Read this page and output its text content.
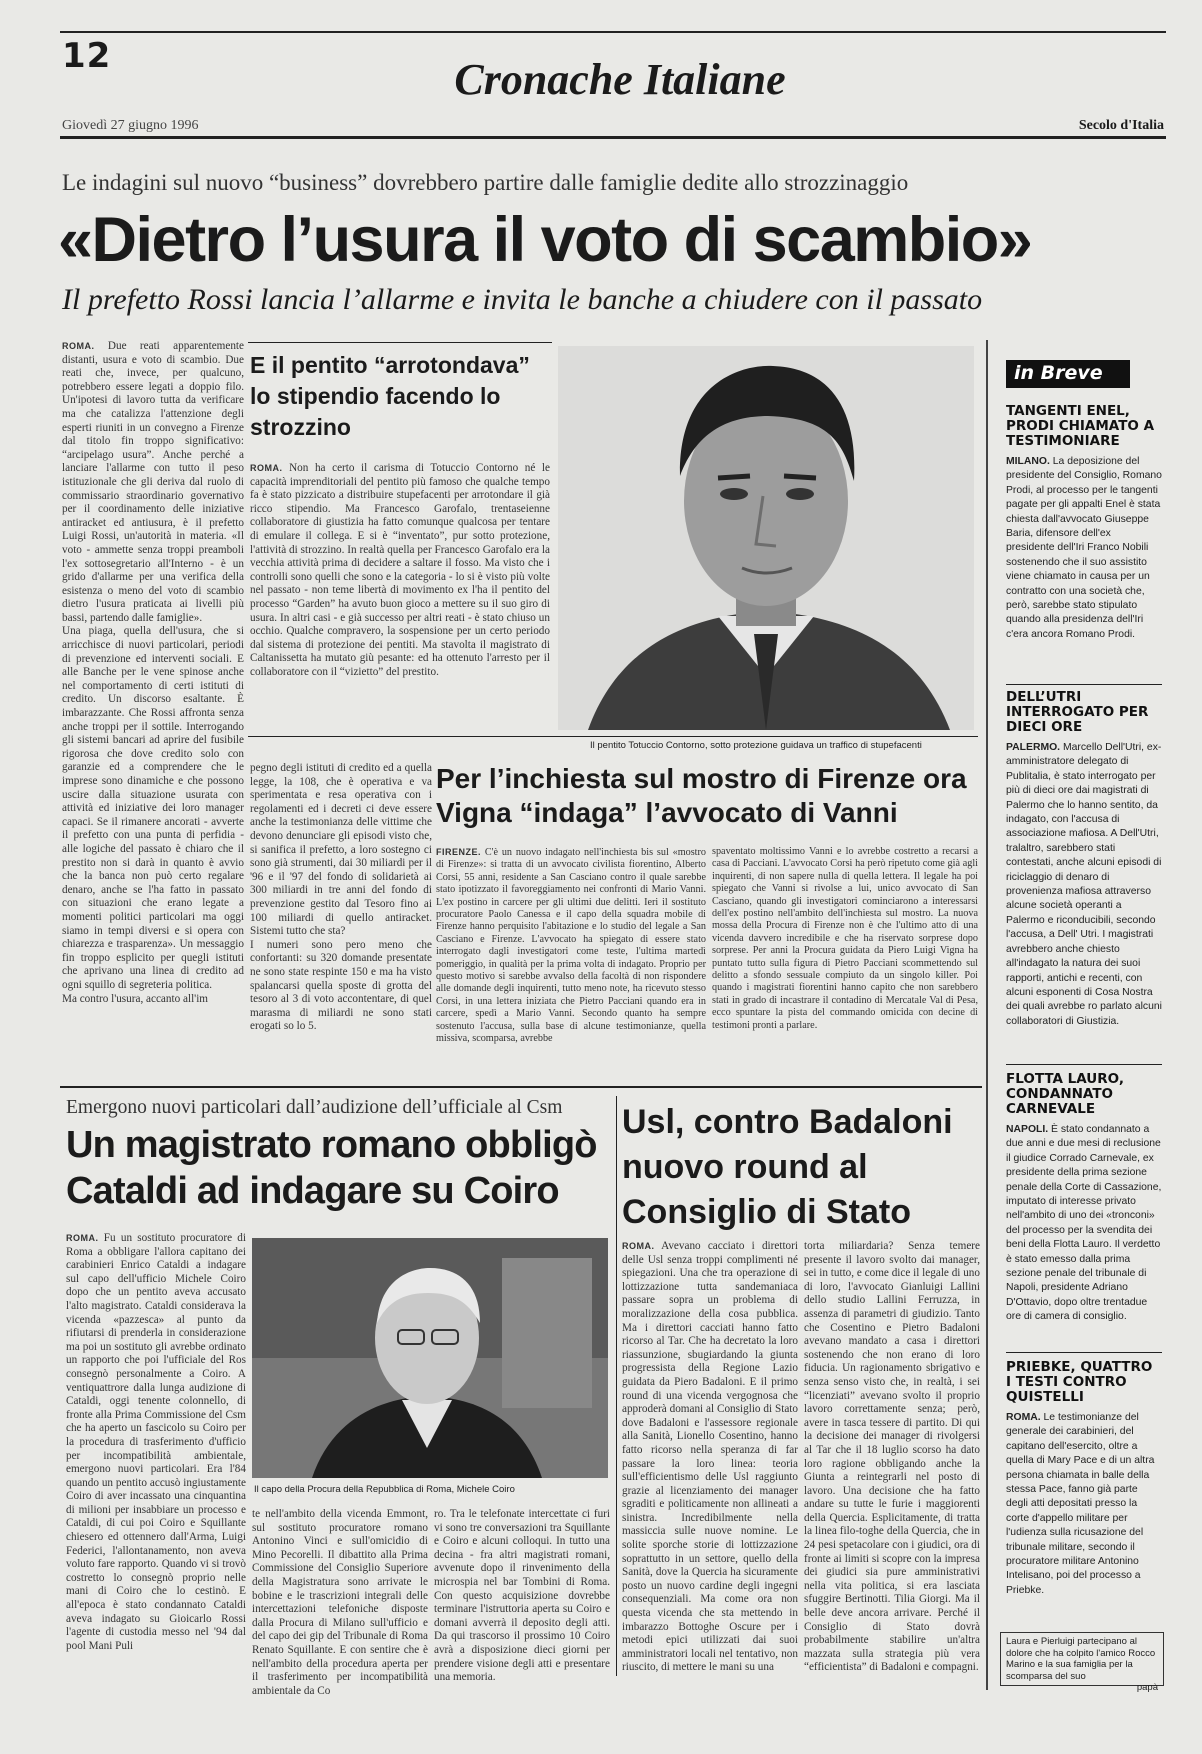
12	Cronache Italiane
Giovedì 27 giugno 1996	Secolo d'Italia
Le indagini sul nuovo “business” dovrebbero partire dalle famiglie dedite allo strozzinaggio
«Dietro l’usura il voto di scambio»
Il prefetto Rossi lancia l’allarme e invita le banche a chiudere con il passato
ROMA. Due reati apparentemente distanti, usura e voto di scambio. Due reati che, invece, per qualcuno, potrebbero essere legati a doppio filo. Un'ipotesi di lavoro tutta da verificare ma che catalizza l'attenzione degli esperti riuniti in un convegno a Firenze dal titolo fin troppo significativo: “arcipelago usura”. Anche perché a lanciare l'allarme con tutto il peso istituzionale che gli deriva dal ruolo di commissario straordinario governativo per il coordinamento delle iniziative antiracket ed antiusura, è il prefetto Luigi Rossi, un'autorità in materia. «Il voto - ammette senza troppi preamboli l'ex sottosegretario all'Interno - è un grido d'allarme per una verifica della esistenza o meno del voto di scambio dietro l'usura praticata ai livelli più bassi, partendo dalle famiglie».
Una piaga, quella dell'usura, che si arricchisce di nuovi particolari, periodi di prevenzione ed interventi sociali. E alle Banche per le vene spinose anche nel comportamento di certi istituti di credito. Un discorso esaltante. È imbarazzante. Che Rossi affronta senza anche troppi per il sottile. Interrogando gli sistemi bancari ad aprire del fusibile rigorosa che dove credito solo con garanzie ed a comprendere che le imprese sono dinamiche e che possono uscire dalla situazione usurata con attività ed iniziative dei loro manager capaci. Se il rimanere ancorati - avverte il prefetto con una punta di perfidia - alle logiche del passato è chiaro che il prestito non si darà in quanto è avvio che la banca non può certo regalare denaro, anche se l'ha fatto in passato con situazioni che erano legate a momenti politici particolari ma oggi siamo in tempi diversi e si opera con chiarezza e trasparenza». Un messaggio fin troppo esplicito per quegli istituti che aprivano una linea di credito ad ogni squillo di segreteria politica.
Ma contro l'usura, accanto all'im
E il pentito “arrotondava” lo stipendio facendo lo strozzino
ROMA. Non ha certo il carisma di Totuccio Contorno né le capacità imprenditoriali del pentito più famoso che qualche tempo fa è stato pizzicato a distribuire stupefacenti per arrotondare il già ricco stipendio. Ma Francesco Garofalo, trentaseienne collaboratore di giustizia ha fatto comunque qualcosa per tentare di emulare il collega. E si è “inventato”, pur sotto protezione, l'attività di strozzino. In realtà quella per Francesco Garofalo era la vecchia attività prima di decidere a saltare il fosso. Ma visto che i controlli sono quelli che sono e la categoria - lo si è visto più volte nel passato - non teme libertà di movimento ex l'ha il pentito del processo “Garden” ha avuto buon gioco a mettere su il suo giro di usura. In altri casi - e già successo per altri reati - è stato chiuso un occhio. Qualche compravero, la sospensione per un certo periodo dal sistema di protezione dei pentiti. Ma stavolta il magistrato di Caltanissetta ha mutato giù pesante: ed ha ottenuto l'arresto per il collaboratore con il “vizietto” del prestito.
Il pentito Totuccio Contorno, sotto protezione guidava un traffico di stupefacenti
pegno degli istituti di credito ed a quella legge, la 108, che è operativa e va sperimentata e resa operativa con i regolamenti ed i decreti ci deve essere anche la testimonianza delle vittime che devono denunciare gli episodi visto che, si sanifica il prefetto, a loro sostegno ci sono già strumenti, dai 30 miliardi per il '96 e il '97 del fondo di solidarietà ai 300 miliardi in tre anni del fondo di prevenzione gestito dal Tesoro fino ai 100 miliardi di quello antiracket. Sistemi tutto che sta?
I numeri sono pero meno che confortanti: su 320 domande presentate ne sono state respinte 150 e ma ha visto spalancarsi quella sposte di grotta del tesoro al 3 di voto accontentare, di quel marasma di miliardi ne sono stati erogati so lo 5.
Per l’inchiesta sul mostro di Firenze ora Vigna “indaga” l’avvocato di Vanni
FIRENZE. C'è un nuovo indagato nell'inchiesta bis sul «mostro di Firenze»: si tratta di un avvocato civilista fiorentino, Alberto Corsi, 55 anni, residente a San Casciano contro il quale sarebbe stato ipotizzato il favoreggiamento nei confronti di Mario Vanni. L'ex postino in carcere per gli ultimi due delitti. Ieri il sostituto procuratore Paolo Canessa e il capo della squadra mobile di Firenze hanno perquisito l'abitazione e lo studio del legale a San Casciano e Firenze. L'avvocato ha spiegato di essere stato interrogato dagli investigatori come teste, l'ultima martedì pomeriggio, in qualità per la prima volta di indagato. Proprio per questo motivo si sarebbe avvalso della facoltà di non rispondere alle domande degli inquirenti, tutto meno note, ha ricevuto stesso Corsi, in una lettera iniziata che Pietro Pacciani quando era in carcere, spedì a Mario Vanni. Secondo quanto ha sempre sostenuto l'accusa, sulla base di alcune testimonianze, quella missiva, scomparsa, avrebbe
spaventato moltissimo Vanni e lo avrebbe costretto a recarsi a casa di Pacciani. L'avvocato Corsi ha però ripetuto come già agli inquirenti, di non sapere nulla di quella lettera. Il legale ha poi spiegato che Vanni si rivolse a lui, unico avvocato di San Casciano, quando gli investigatori cominciarono a interessarsi dell'ex postino nell'ambito dell'inchiesta sul mostro. La nuova mossa della Procura di Firenze non è che l'ultimo atto di una vicenda davvero incredibile e che ha riservato sorprese dopo sorprese. Per anni la Procura guidata da Piero Luigi Vigna ha puntato tutto sulla figura di Pietro Pacciani scommettendo sul delitto a sfondo sessuale compiuto da un singolo killer. Poi quando i magistrati fiorentini hanno capito che non sarebbero stati in grado di incastrare il contadino di Mercatale Val di Pesa, ecco spuntare la pista del commando omicida con decine di testimoni pronti a parlare.
Emergono nuovi particolari dall’audizione dell’ufficiale al Csm
Un magistrato romano obbligò Cataldi ad indagare su Coiro
ROMA. Fu un sostituto procuratore di Roma a obbligare l'allora capitano dei carabinieri Enrico Cataldi a indagare sul capo dell'ufficio Michele Coiro dopo che un pentito aveva accusato l'alto magistrato. Cataldi considerava la vicenda «pazzesca» al punto da rifiutarsi di prenderla in considerazione ma poi un sostituto gli avrebbe ordinato un rapporto che poi l'ufficiale del Ros consegnò personalmente a Coiro. A ventiquattrore dalla lunga audizione di Cataldi, oggi tenente colonnello, di fronte alla Prima Commissione del Csm che ha aperto un fascicolo su Coiro per la procedura di trasferimento d'ufficio per incompatibilità ambientale, emergono nuovi particolari. Era l'84 quando un pentito accusò ingiustamente Coiro di aver incassato una cinquantina di milioni per insabbiare un processo e Cataldi, di cui poi Coiro e Squillante chiesero ed ottennero dall'Arma, Luigi Federici, l'allontanamento, non aveva voluto fare rapporto. Quando vi si trovò costretto lo consegnò proprio nelle mani di Coiro che lo cestinò. E all'epoca è stato condannato Cataldi aveva indagato su Gioicarlo Rossi l'agente di custodia messo nel '94 dal pool Mani Puli
Il capo della Procura della Repubblica di Roma, Michele Coiro
te nell'ambito della vicenda Emmont, sul sostituto procuratore romano Antonino Vinci e sull'omicidio di Mino Pecorelli. Il dibattito alla Prima Commissione del Consiglio Superiore della Magistratura sono arrivate le bobine e le trascrizioni integrali delle intercettazioni telefoniche disposte dalla Procura di Milano sull'ufficio e del capo dei gip del Tribunale di Roma Renato Squillante. E con sentire che è nell'ambito della procedura aperta per il trasferimento per incompatibilità ambientale da Co
ro. Tra le telefonate intercettate ci furi vi sono tre conversazioni tra Squillante e Coiro e alcuni colloqui. In tutto una decina - fra altri magistrati romani, avvenute dopo il rinvenimento della microspia nel bar Tombini di Roma. Con questo acquisizione dovrebbe terminare l'istruttoria aperta su Coiro e domani avverrà il deposito degli atti. Da qui trascorso il prossimo 10 Coiro avrà a disposizione dieci giorni per prendere visione degli atti e presentare una memoria.
Usl, contro Badaloni nuovo round al Consiglio di Stato
ROMA. Avevano cacciato i direttori delle Usl senza troppi complimenti né spiegazioni. Una che tra operazione di lottizzazione tutta sandemaniaca passare sopra un problema di moralizzazione della cosa pubblica. Ma i direttori cacciati hanno fatto ricorso al Tar. Che ha decretato la loro riassunzione, sbugiardando la giunta progressista della Regione Lazio guidata da Piero Badaloni. E il primo round di una vicenda vergognosa che approderà domani al Consiglio di Stato dove Badaloni e l'assessore regionale alla Sanità, Lionello Cosentino, hanno fatto ricorso nella speranza di far passare la loro linea: teoria sull'efficientismo delle Usl raggiunto grazie al licenziamento dei manager sgraditi e politicamente non allineati a sinistra. Incredibilmente nella massiccia sulle nuove nomine. Le solite sporche storie di lottizzazione soprattutto in un settore, quello della Sanità, dove la Quercia ha sicuramente posto un nuovo cardine degli ingegni consequenziali. Ma come ora non questa vicenda che sta mettendo in imbarazzo Bottoghe Oscure per i metodi epici utilizzati dai suoi amministratori locali nel tentativo, non riuscito, di mettere le mani su una
torta miliardaria? Senza temere presente il lavoro svolto dai manager, sei in tutto, e come dice il legale di uno di loro, l'avvocato Gianluigi Lallini dello studio Lallini Ferruzza, in assenza di parametri di giudizio. Tanto che Cosentino e Pietro Badaloni avevano mandato a casa i direttori sostenendo che non erano di loro fiducia. Un ragionamento sbrigativo e senza senso visto che, in realtà, i sei “licenziati” avevano svolto il proprio lavoro correttamente senza; però, avere in tasca tessere di partito. Di qui la decisione dei manager di rivolgersi al Tar che il 18 luglio scorso ha dato loro ragione obbligando anche la Giunta a reintegrarli nel posto di lavoro. Una decisione che ha fatto andare su tutte le furie i maggiorenti della Quercia. Esplicitamente, di tratta la linea filo-toghe della Quercia, che in 24 pesi spetacolare con i giudici, ora di fronte ai limiti si scopre con la impresa dei giudici sia pure amministrativi nella vita politica, si era lasciata sfuggire Bertinotti. Tilia Giorgi. Ma il belle deve ancora arrivare. Perché il Consiglio di Stato dovrà probabilmente stabilire un'altra mazzata sulla strategia più vera “efficientista” di Badaloni e compagni.
in Breve
TANGENTI ENEL, PRODI CHIAMATO A TESTIMONIARE
MILANO. La deposizione del presidente del Consiglio, Romano Prodi, al processo per le tangenti pagate per gli appalti Enel è stata chiesta dall'avvocato Giuseppe Baria, difensore dell'ex presidente dell'Iri Franco Nobili sostenendo che il suo assistito viene chiamato in causa per un contratto con una società che, però, sarebbe stato stipulato quando alla presidenza dell'Iri c'era ancora Romano Prodi.
DELL’UTRI INTERROGATO PER DIECI ORE
PALERMO. Marcello Dell'Utri, ex-amministratore delegato di Publitalia, è stato interrogato per più di dieci ore dai magistrati di Palermo che lo hanno sentito, da indagato, con l'accusa di associazione mafiosa. A Dell'Utri, tralaltro, sarebbero stati contestati, anche alcuni episodi di riciclaggio di denaro di provenienza mafiosa attraverso alcune società operanti a Palermo e riconducibili, secondo l'accusa, a Dell' Utri. I magistrati avrebbero anche chiesto all'indagato la natura dei suoi rapporti, antichi e recenti, con alcuni esponenti di Cosa Nostra dei quali avrebbe ro parlato alcuni collaboratori di Giustizia.
FLOTTA LAURO, CONDANNATO CARNEVALE
NAPOLI. È stato condannato a due anni e due mesi di reclusione il giudice Corrado Carnevale, ex presidente della prima sezione penale della Corte di Cassazione, imputato di interesse privato nell'ambito di uno dei «tronconi» del processo per la svendita dei beni della Flotta Lauro. Il verdetto è stato emesso dalla prima sezione penale del tribunale di Napoli, presidente Adriano D'Ottavio, dopo oltre trentadue ore di camera di consiglio.
PRIEBKE, QUATTRO I TESTI CONTRO QUISTELLI
ROMA. Le testimonianze del generale dei carabinieri, del capitano dell'esercito, oltre a quella di Mary Pace e di un altra persona chiamata in balle della stessa Pace, fanno già parte degli atti depositati presso la corte d'appello militare per l'udienza sulla ricusazione del tribunale militare, secondo il procuratore militare Antonino Intelisano, poi del processo a Priebke.
Laura e Pierluigi partecipano al dolore che ha colpito l'amico Rocco Marino e la sua famiglia per la scomparsa del suo
papà
